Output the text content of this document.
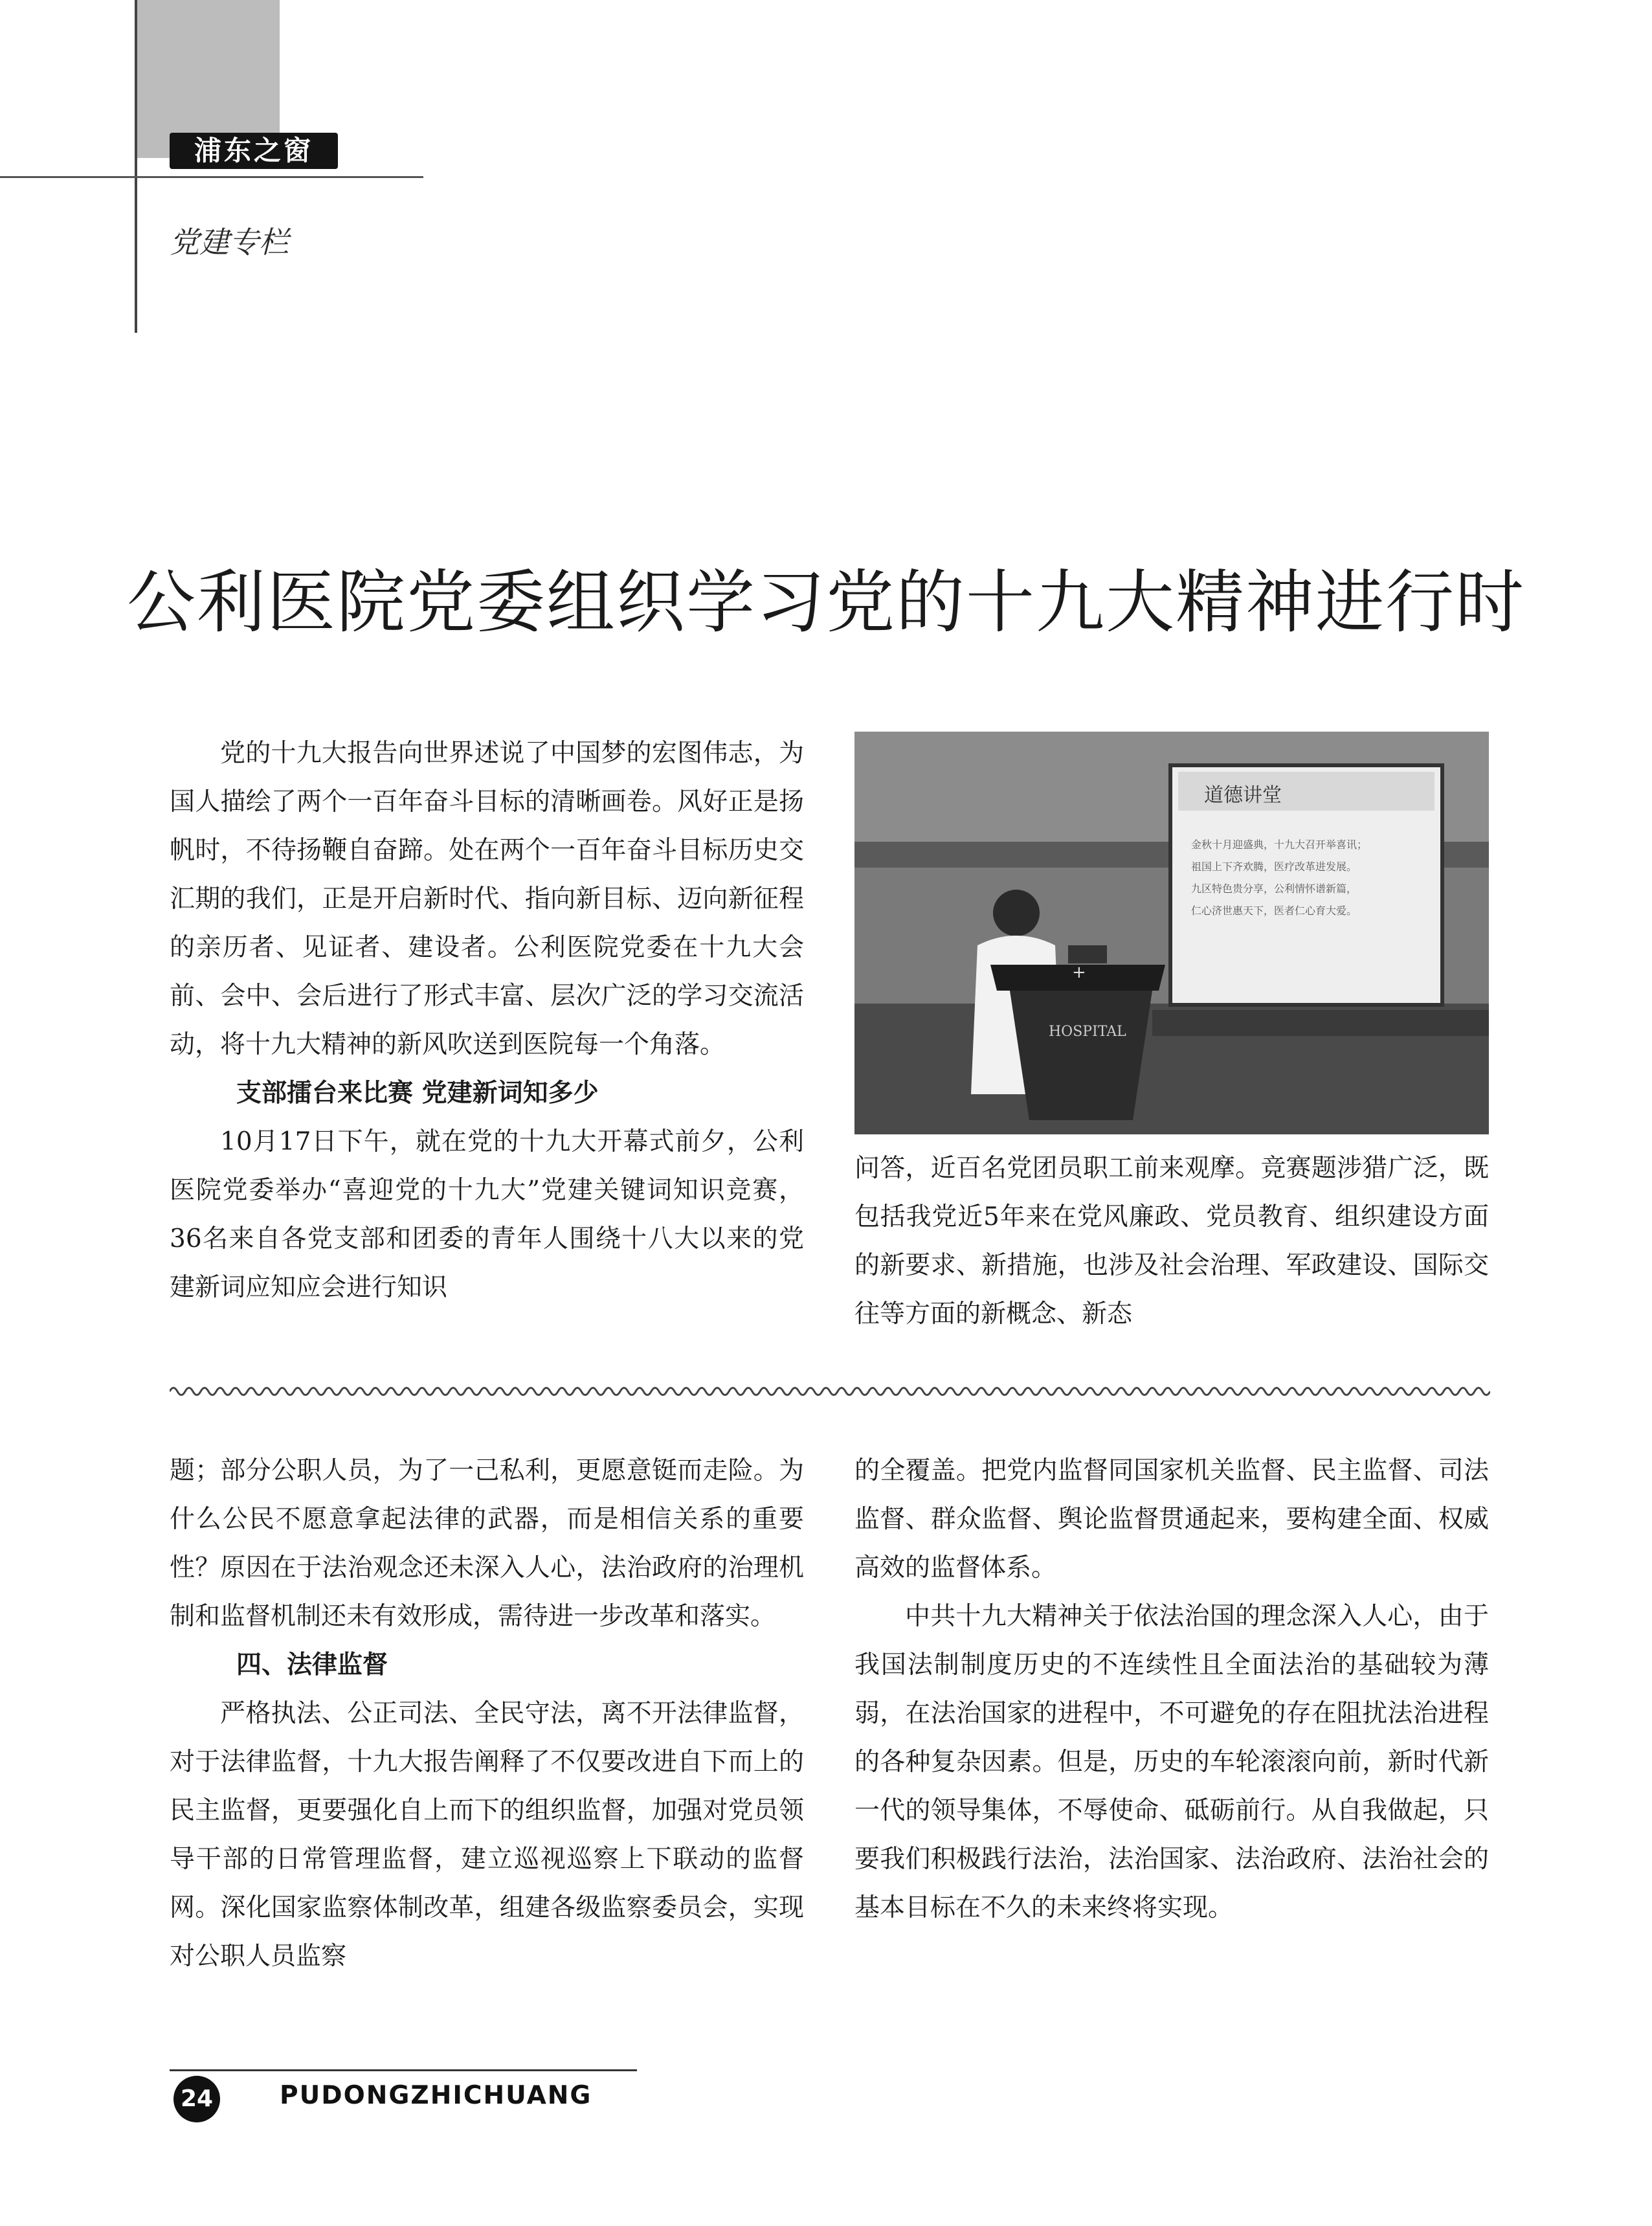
浦东之窗
党建专栏
公利医院党委组织学习党的十九大精神进行时

党的十九大报告向世界述说了中国梦的宏图伟志，为国人描绘了两个一百年奋斗目标的清晰画卷。风好正是扬帆时，不待扬鞭自奋蹄。处在两个一百年奋斗目标历史交汇期的我们，正是开启新时代、指向新目标、迈向新征程的亲历者、见证者、建设者。公利医院党委在十九大会前、会中、会后进行了形式丰富、层次广泛的学习交流活动，将十九大精神的新风吹送到医院每一个角落。

支部擂台来比赛 党建新词知多少

10月17日下午，就在党的十九大开幕式前夕，公利医院党委举办“喜迎党的十九大”党建关键词知识竞赛，36名来自各党支部和团委的青年人围绕十八大以来的党建新词应知应会进行知识

道德讲堂
金秋十月迎盛典，十九大召开举喜讯；
祖国上下齐欢腾，医疗改革进发展。
九区特色贵分享，公利情怀谱新篇，
仁心济世惠天下，医者仁心育大爱。
HOSPITAL
+

问答，近百名党团员职工前来观摩。竞赛题涉猎广泛，既包括我党近5年来在党风廉政、党员教育、组织建设方面的新要求、新措施，也涉及社会治理、军政建设、国际交往等方面的新概念、新态

题；部分公职人员，为了一己私利，更愿意铤而走险。为什么公民不愿意拿起法律的武器，而是相信关系的重要性？原因在于法治观念还未深入人心，法治政府的治理机制和监督机制还未有效形成，需待进一步改革和落实。

四、法律监督

严格执法、公正司法、全民守法，离不开法律监督，对于法律监督，十九大报告阐释了不仅要改进自下而上的民主监督，更要强化自上而下的组织监督，加强对党员领导干部的日常管理监督，建立巡视巡察上下联动的监督网。深化国家监察体制改革，组建各级监察委员会，实现对公职人员监察

的全覆盖。把党内监督同国家机关监督、民主监督、司法监督、群众监督、舆论监督贯通起来，要构建全面、权威高效的监督体系。

中共十九大精神关于依法治国的理念深入人心，由于我国法制制度历史的不连续性且全面法治的基础较为薄弱，在法治国家的进程中，不可避免的存在阻扰法治进程的各种复杂因素。但是，历史的车轮滚滚向前，新时代新一代的领导集体，不辱使命、砥砺前行。从自我做起，只要我们积极践行法治，法治国家、法治政府、法治社会的基本目标在不久的未来终将实现。

24	PUDONGZHICHUANG
